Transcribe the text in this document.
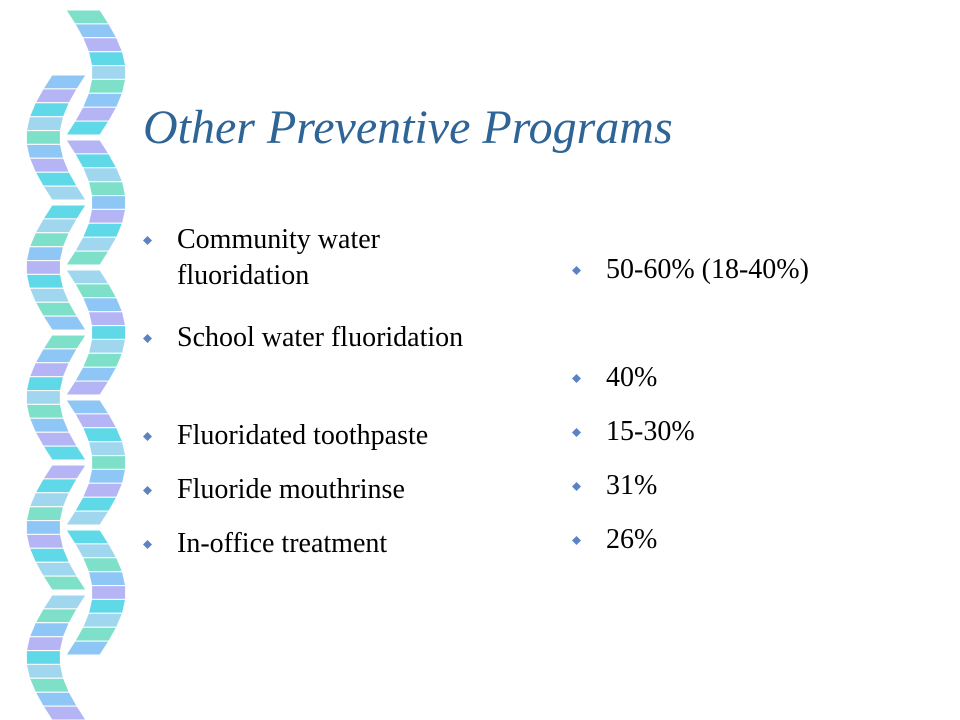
Other Preventive Programs
Community water fluoridation
School water fluoridation
Fluoridated toothpaste
Fluoride mouthrinse
In-office treatment
50-60% (18-40%)
40%
15-30%
31%
26%
